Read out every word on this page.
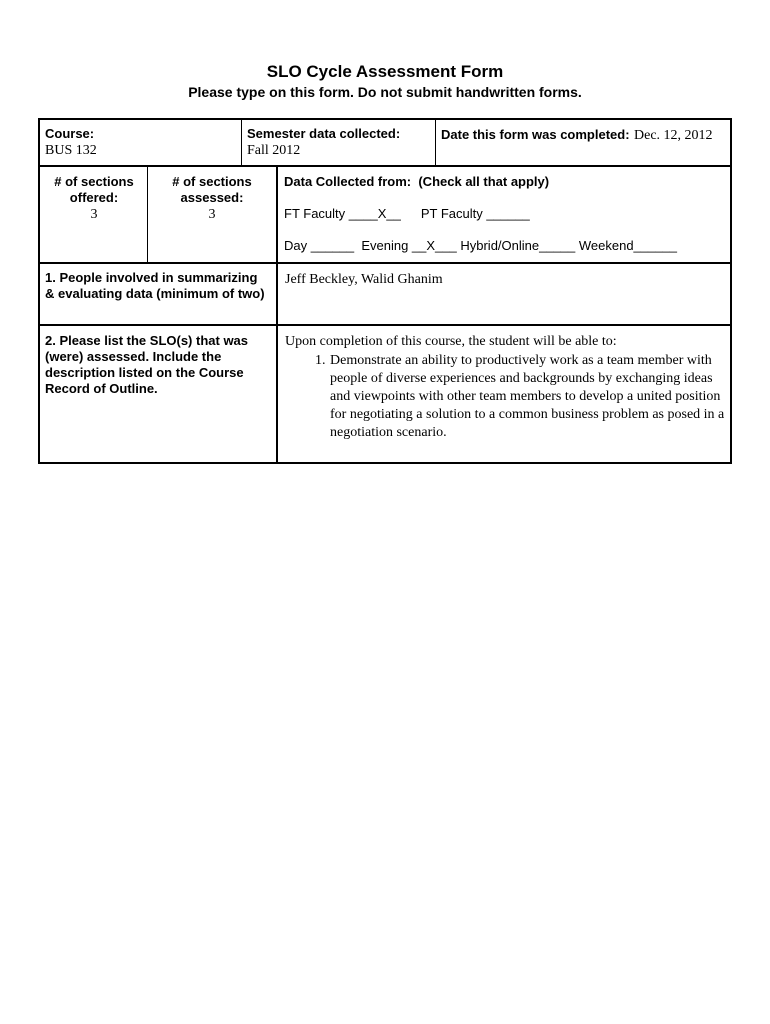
SLO Cycle Assessment Form
Please type on this form. Do not submit handwritten forms.
Course:
BUS 132
Semester data collected:
Fall 2012
Date this form was completed: Dec. 12, 2012
# of sections offered:
3
# of sections assessed:
3
Data Collected from:  (Check all that apply)
FT Faculty ____X__ PT Faculty ______
Day ______  Evening __X___ Hybrid/Online_____ Weekend______
1. People involved in summarizing & evaluating data (minimum of two)
Jeff Beckley, Walid Ghanim
2. Please list the SLO(s) that was (were) assessed. Include the description listed on the Course Record of Outline.
Upon completion of this course, the student will be able to:
1. Demonstrate an ability to productively work as a team member with people of diverse experiences and backgrounds by exchanging ideas and viewpoints with other team members to develop a united position for negotiating a solution to a common business problem as posed in a negotiation scenario.
